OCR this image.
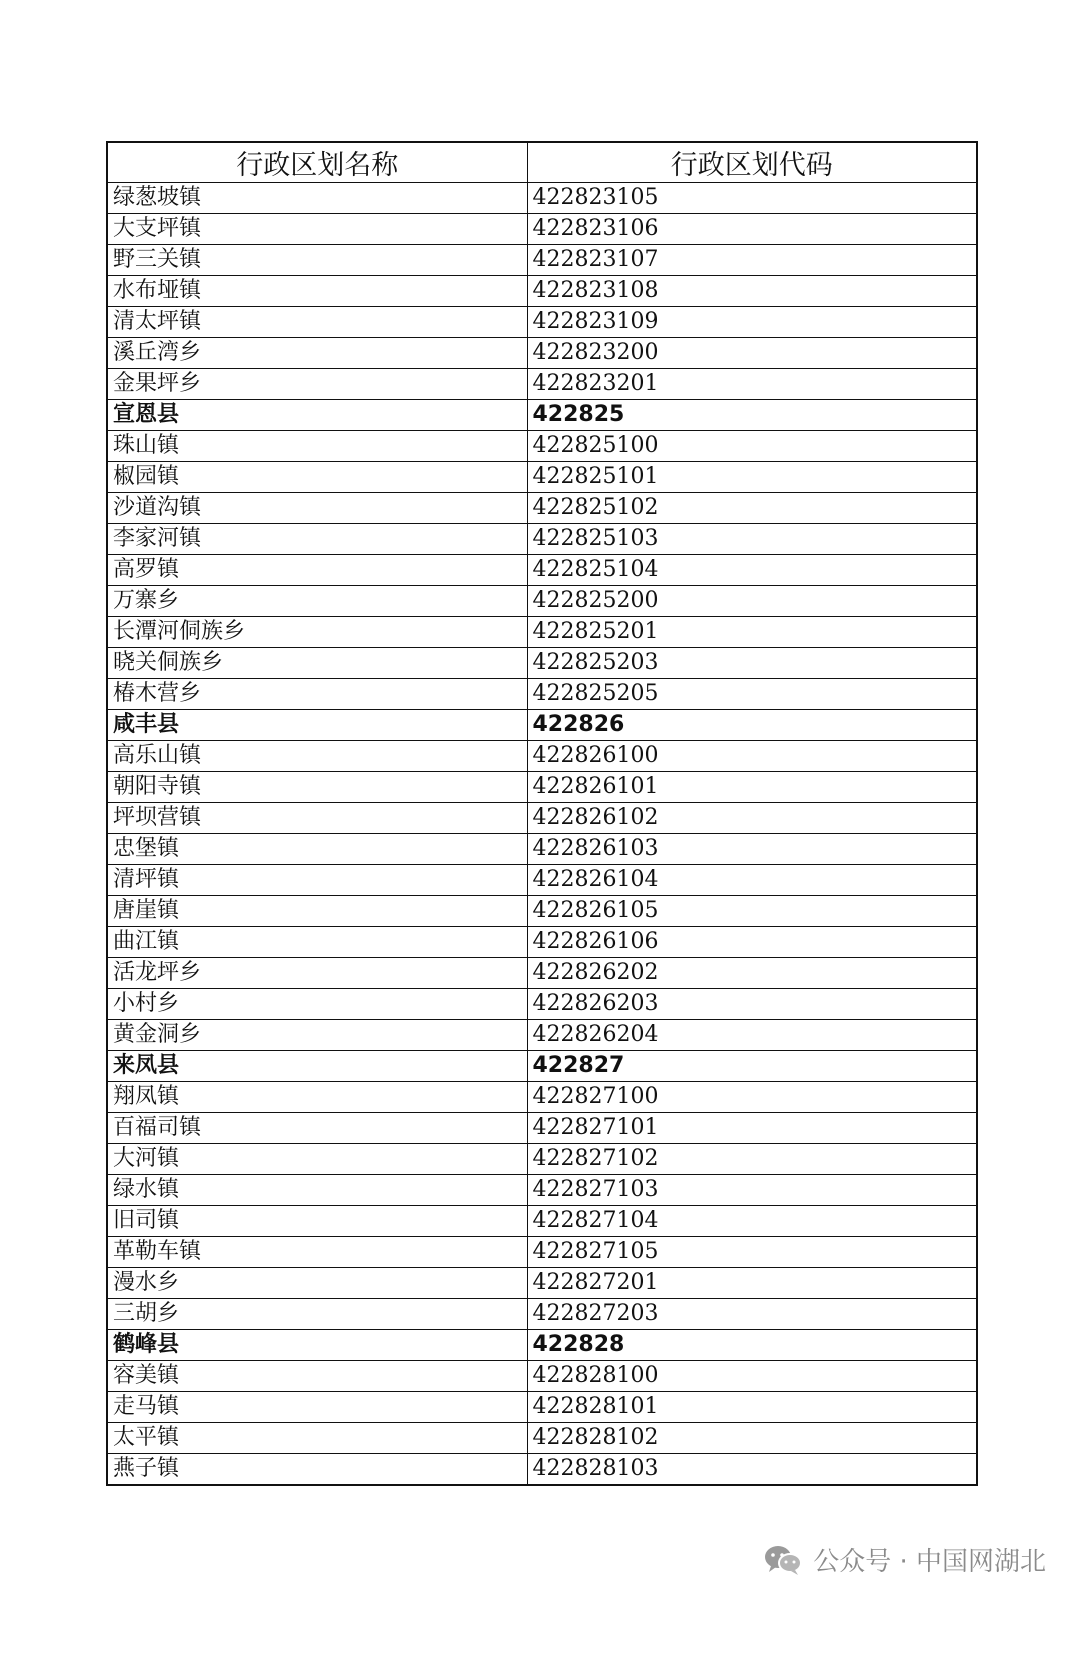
行政区划名称	行政区划代码
绿葱坡镇	422823105
大支坪镇	422823106
野三关镇	422823107
水布垭镇	422823108
清太坪镇	422823109
溪丘湾乡	422823200
金果坪乡	422823201
宣恩县	422825
珠山镇	422825100
椒园镇	422825101
沙道沟镇	422825102
李家河镇	422825103
高罗镇	422825104
万寨乡	422825200
长潭河侗族乡	422825201
晓关侗族乡	422825203
椿木营乡	422825205
咸丰县	422826
高乐山镇	422826100
朝阳寺镇	422826101
坪坝营镇	422826102
忠堡镇	422826103
清坪镇	422826104
唐崖镇	422826105
曲江镇	422826106
活龙坪乡	422826202
小村乡	422826203
黄金洞乡	422826204
来凤县	422827
翔凤镇	422827100
百福司镇	422827101
大河镇	422827102
绿水镇	422827103
旧司镇	422827104
革勒车镇	422827105
漫水乡	422827201
三胡乡	422827203
鹤峰县	422828
容美镇	422828100
走马镇	422828101
太平镇	422828102
燕子镇	422828103
公众号 · 中国网湖北
